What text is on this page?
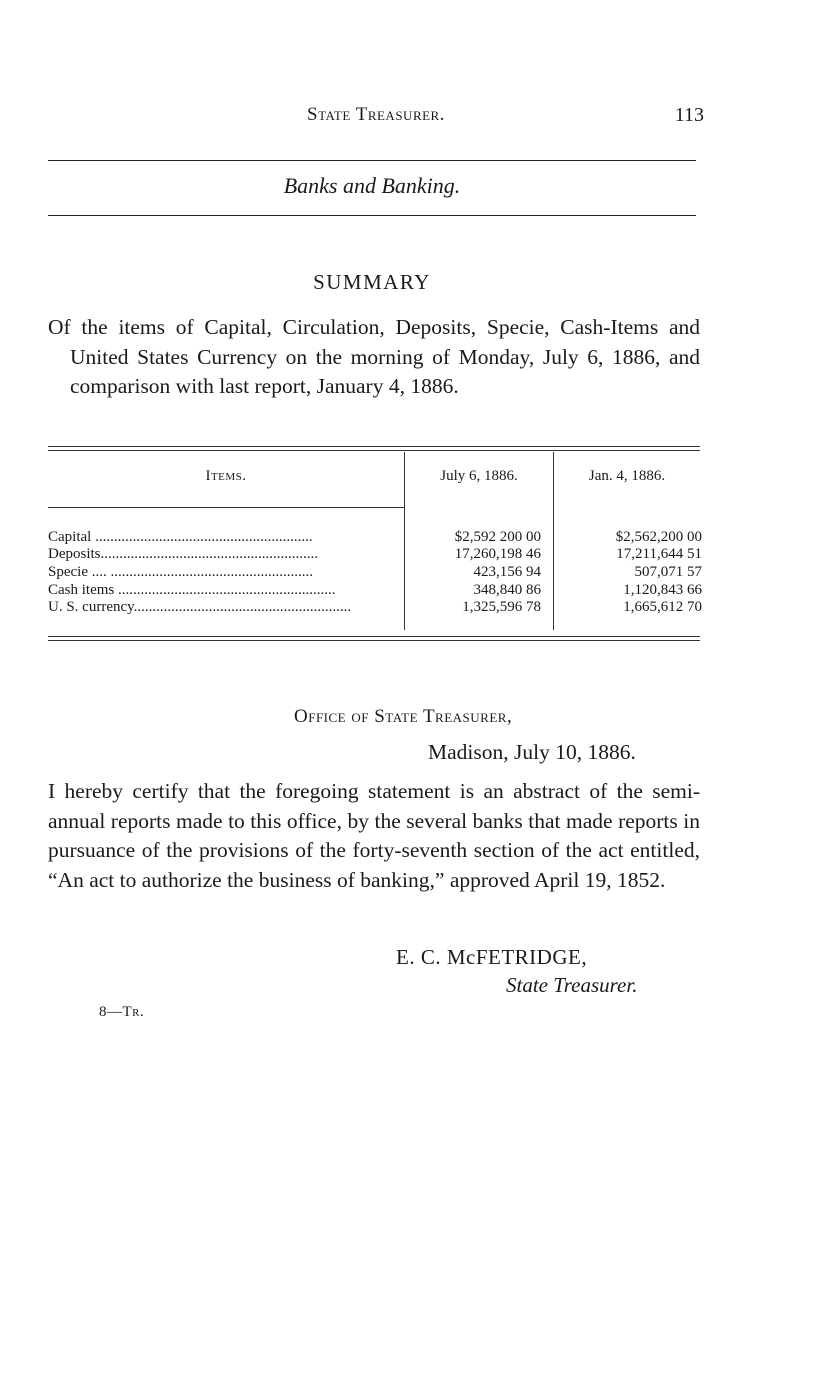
State Treasurer.	113
Banks and Banking.
SUMMARY
Of the items of Capital, Circulation, Deposits, Specie, Cash-Items and United States Currency on the morning of Monday, July 6, 1886, and comparison with last report, January 4, 1886.
Items.	July 6, 1886.	Jan. 4, 1886.
Capital ..........................................................	$2,592 200 00	$2,562,200 00
Deposits..........................................................	17,260,198 46	17,211,644 51
Specie .... ......................................................	423,156 94	507,071 57
Cash items ..........................................................	348,840 86	1,120,843 66
U. S. currency..........................................................	1,325,596 78	1,665,612 70
Office of State Treasurer,
Madison, July 10, 1886.
I hereby certify that the foregoing statement is an abstract of the semi-annual reports made to this office, by the several banks that made reports in pursuance of the provisions of the forty-seventh section of the act entitled, “An act to authorize the business of banking,” approved April 19, 1852.
E. C. McFETRIDGE,
State Treasurer.
8—Tr.
